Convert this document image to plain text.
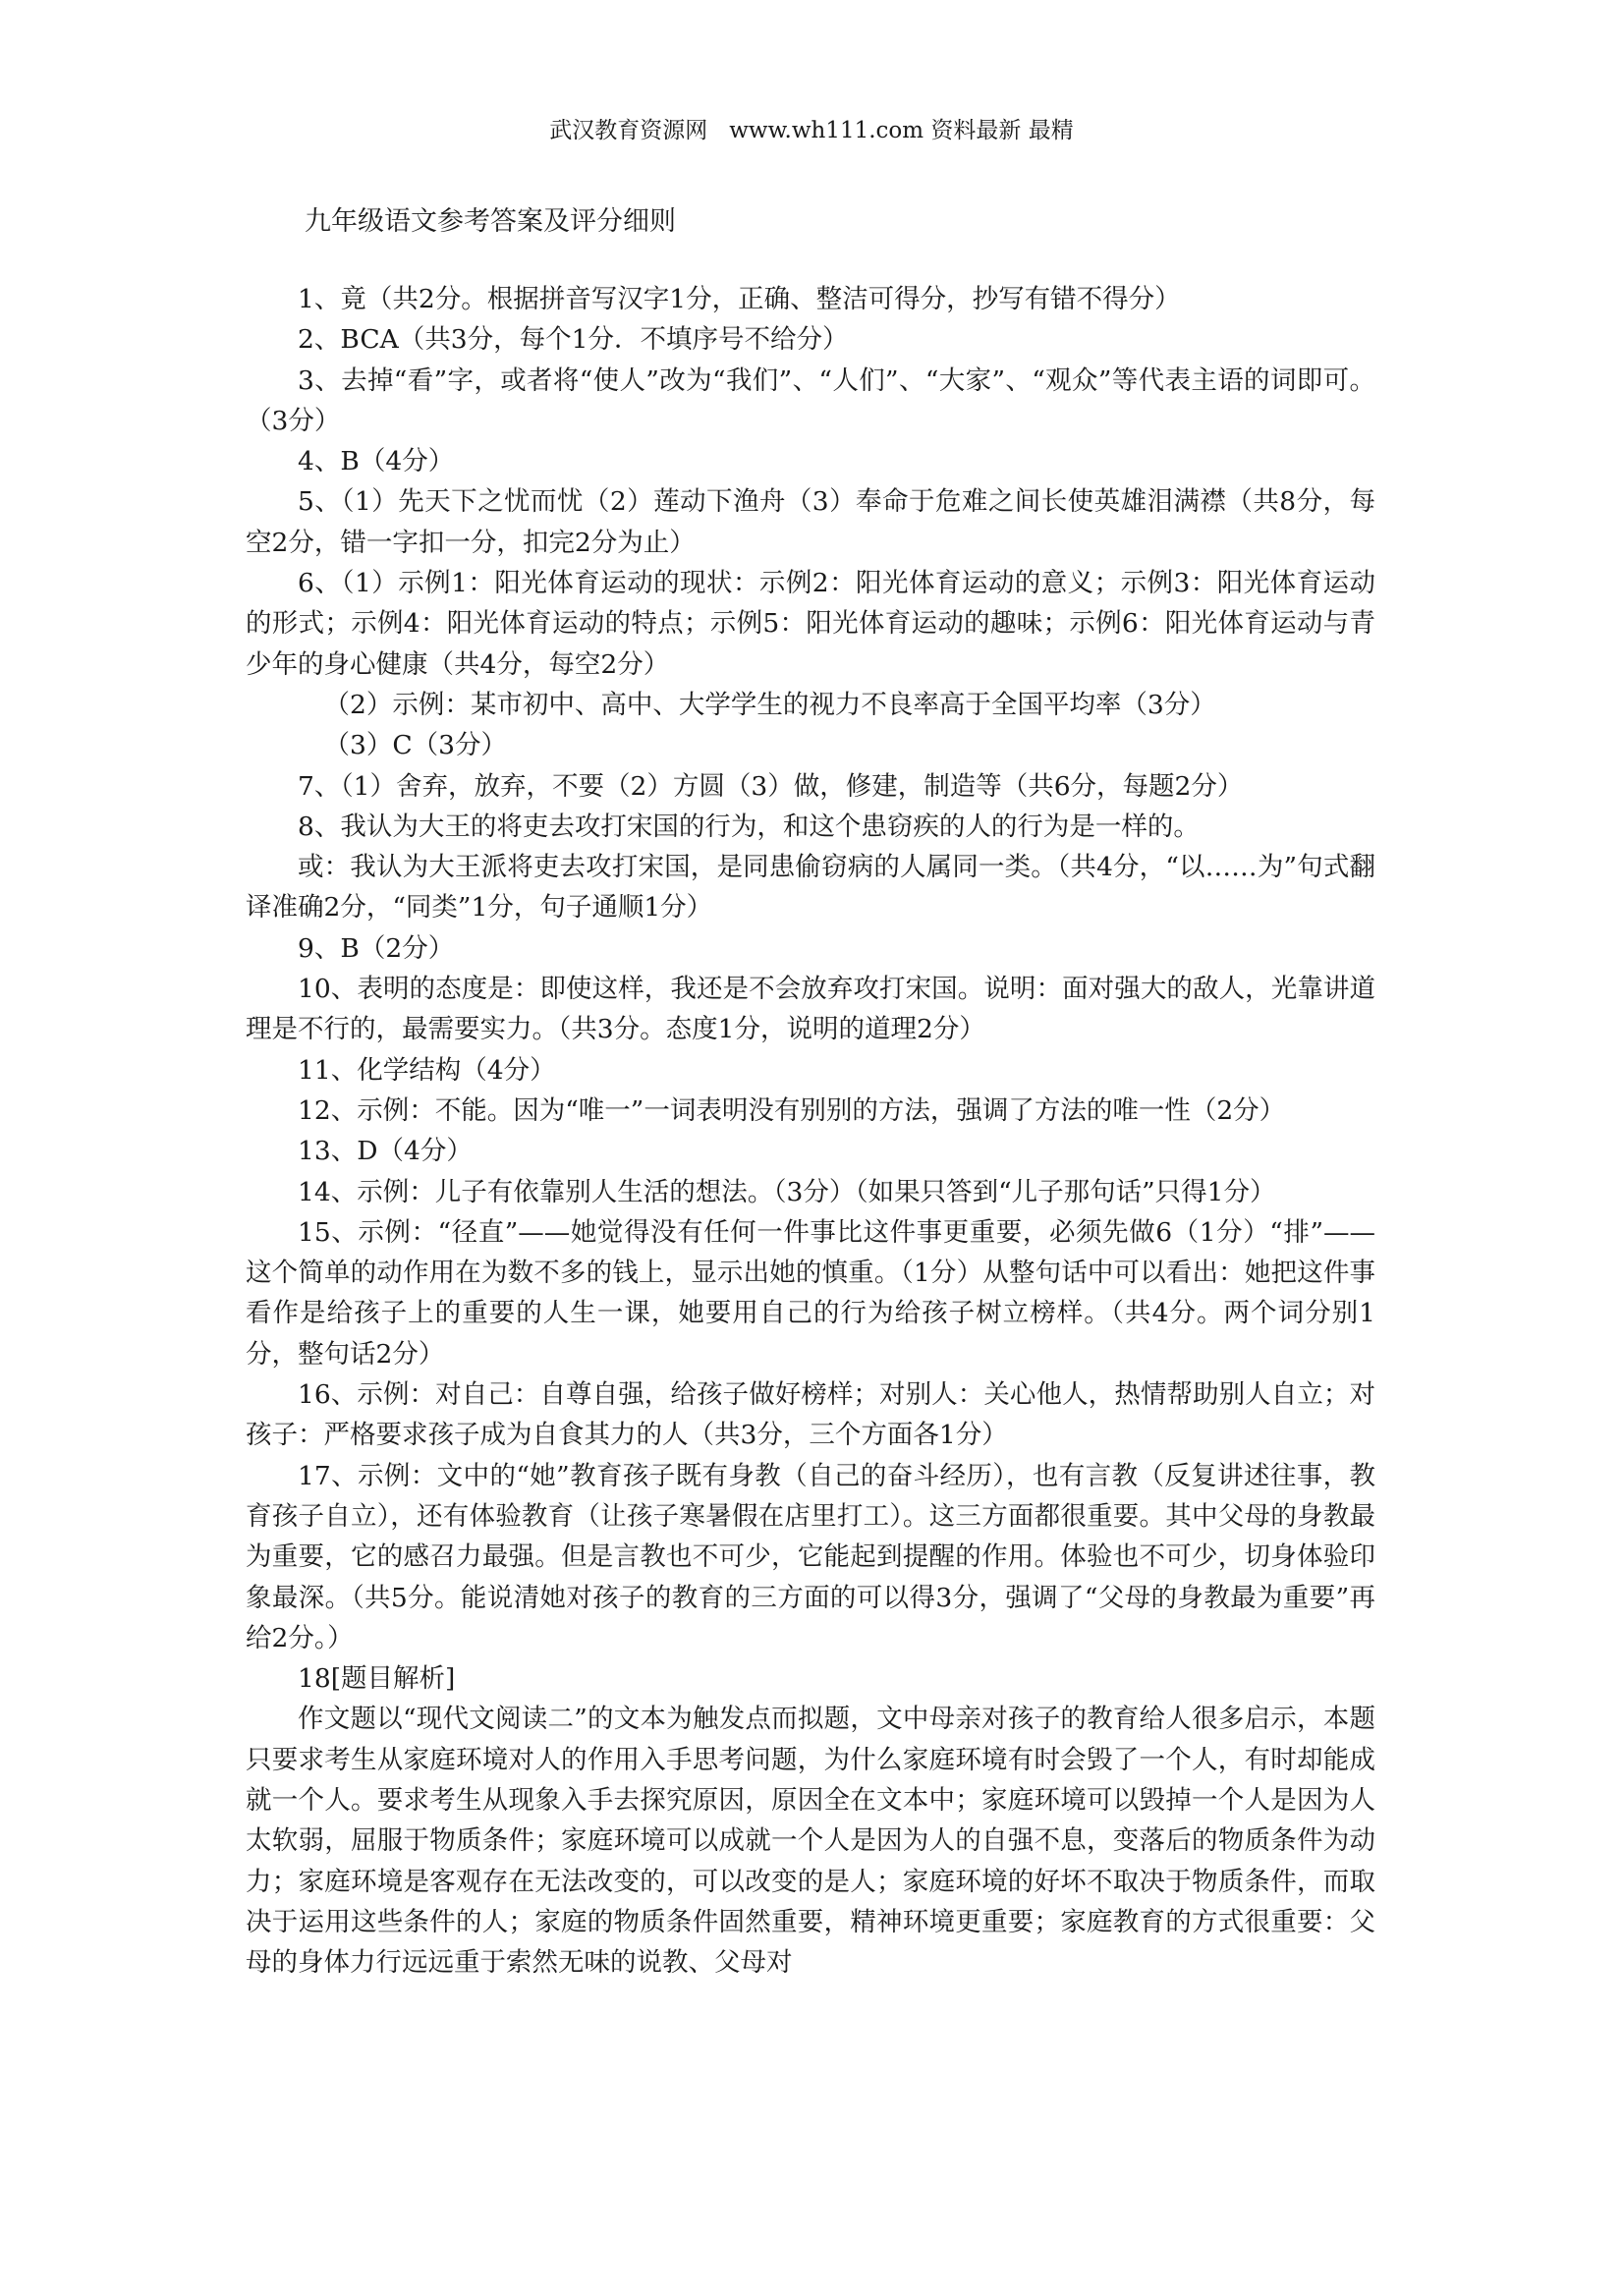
武汉教育资源网   www.wh111.com 资料最新 最精
九年级语文参考答案及评分细则

1、竟（共2分。根据拼音写汉字1分，正确、整洁可得分，抄写有错不得分）

2、BCA（共3分，每个1分．不填序号不给分）

3、去掉“看”字，或者将“使人”改为“我们”、“人们”、“大家”、“观众”等代表主语的词即可。（3分）

4、B（4分）

5、（1）先天下之忧而忧（2）莲动下渔舟（3）奉命于危难之间长使英雄泪满襟（共8分，每空2分，错一字扣一分，扣完2分为止）

6、（1）示例1：阳光体育运动的现状：示例2：阳光体育运动的意义；示例3：阳光体育运动的形式；示例4：阳光体育运动的特点；示例5：阳光体育运动的趣味；示例6：阳光体育运动与青少年的身心健康（共4分，每空2分）

（2）示例：某市初中、高中、大学学生的视力不良率高于全国平均率（3分）

（3）C（3分）

7、（1）舍弃，放弃，不要（2）方圆（3）做，修建，制造等（共6分，每题2分）

8、我认为大王的将吏去攻打宋国的行为，和这个患窃疾的人的行为是一样的。

或：我认为大王派将吏去攻打宋国，是同患偷窃病的人属同一类。（共4分，“以……为”句式翻译准确2分，“同类”1分，句子通顺1分）

9、B（2分）

10、表明的态度是：即使这样，我还是不会放弃攻打宋国。说明：面对强大的敌人，光靠讲道理是不行的，最需要实力。（共3分。态度1分，说明的道理2分）

11、化学结构（4分）

12、示例：不能。因为“唯一”一词表明没有别别的方法，强调了方法的唯一性（2分）

13、D（4分）

14、示例：儿子有依靠别人生活的想法。（3分）（如果只答到“儿子那句话”只得1分）

15、示例：“径直”——她觉得没有任何一件事比这件事更重要，必须先做6（1分）“排”——这个简单的动作用在为数不多的钱上，显示出她的慎重。（1分）从整句话中可以看出：她把这件事看作是给孩子上的重要的人生一课，她要用自己的行为给孩子树立榜样。（共4分。两个词分别1分，整句话2分）

16、示例：对自己：自尊自强，给孩子做好榜样；对别人：关心他人，热情帮助别人自立；对孩子：严格要求孩子成为自食其力的人（共3分，三个方面各1分）

17、示例：文中的“她”教育孩子既有身教（自己的奋斗经历），也有言教（反复讲述往事，教育孩子自立），还有体验教育（让孩子寒暑假在店里打工）。这三方面都很重要。其中父母的身教最为重要，它的感召力最强。但是言教也不可少，它能起到提醒的作用。体验也不可少，切身体验印象最深。（共5分。能说清她对孩子的教育的三方面的可以得3分，强调了“父母的身教最为重要”再给2分。）

18[题目解析]

作文题以“现代文阅读二”的文本为触发点而拟题，文中母亲对孩子的教育给人很多启示，本题只要求考生从家庭环境对人的作用入手思考问题，为什么家庭环境有时会毁了一个人，有时却能成就一个人。要求考生从现象入手去探究原因，原因全在文本中；家庭环境可以毁掉一个人是因为人太软弱，屈服于物质条件；家庭环境可以成就一个人是因为人的自强不息，变落后的物质条件为动力；家庭环境是客观存在无法改变的，可以改变的是人；家庭环境的好坏不取决于物质条件，而取决于运用这些条件的人；家庭的物质条件固然重要，精神环境更重要；家庭教育的方式很重要：父母的身体力行远远重于索然无味的说教、父母对
